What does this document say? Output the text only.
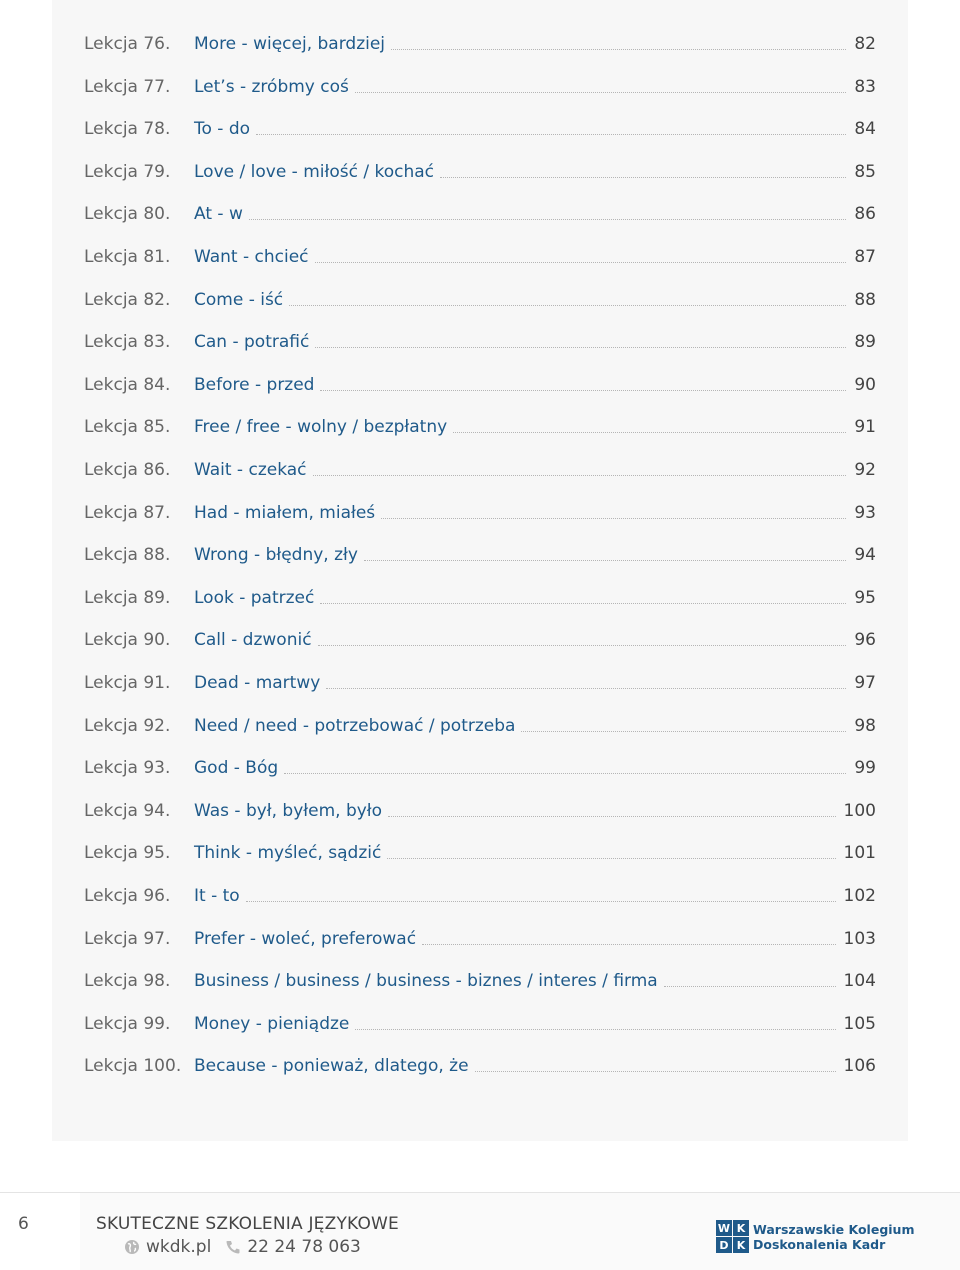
Lekcja 76.	More - więcej, bardziej	82
Lekcja 77.	Let’s - zróbmy coś	83
Lekcja 78.	To - do	84
Lekcja 79.	Love / love - miłość / kochać	85
Lekcja 80.	At - w	86
Lekcja 81.	Want - chcieć	87
Lekcja 82.	Come - iść	88
Lekcja 83.	Can - potrafić	89
Lekcja 84.	Before - przed	90
Lekcja 85.	Free / free - wolny / bezpłatny	91
Lekcja 86.	Wait - czekać	92
Lekcja 87.	Had - miałem, miałeś	93
Lekcja 88.	Wrong - błędny, zły	94
Lekcja 89.	Look - patrzeć	95
Lekcja 90.	Call - dzwonić	96
Lekcja 91.	Dead - martwy	97
Lekcja 92.	Need / need - potrzebować / potrzeba	98
Lekcja 93.	God - Bóg	99
Lekcja 94.	Was - był, byłem, było	100
Lekcja 95.	Think - myśleć, sądzić	101
Lekcja 96.	It - to	102
Lekcja 97.	Prefer - woleć, preferować	103
Lekcja 98.	Business / business / business - biznes / interes / firma	104
Lekcja 99.	Money - pieniądze	105
Lekcja 100. Because - ponieważ, dlatego, że	106
6	SKUTECZNE SZKOLENIA JĘZYKOWE
wkdk.pl 22 24 78 063
W K
D K
Warszawskie Kolegium
Doskonalenia Kadr
